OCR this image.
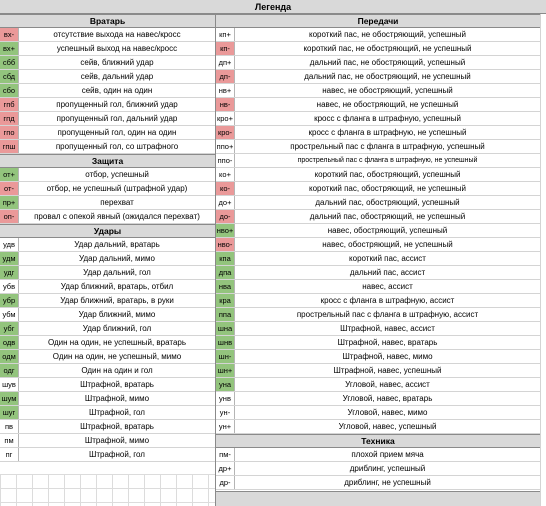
Легенда
Вратарь
вх-	отсутствие выхода на навес/кросс
вх+	успешный выход на навес/кросс
сбб	сейв, ближний удар
сбд	сейв, дальний удар
сбо	сейв, один на один
гпб	пропущенный гол, ближний удар
гпд	пропущенный гол, дальний удар
гпо	пропущенный гол, один на один
гпш	пропущенный гол, со штрафного
Защита
от+	отбор, успешный
от-	отбор, не успешный (штрафной удар)
пр+	перехват
оп-	провал с опекой явный (ожидался перехват)
Удары
удв	Удар дальний, вратарь
удм	Удар дальний, мимо
удг	Удар дальний, гол
убв	Удар ближний, вратарь, отбил
убр	Удар ближний, вратарь, в руки
убм	Удар ближний, мимо
убг	Удар ближний, гол
одв	Один на один, не успешный, вратарь
одм	Один на один, не успешный, мимо
одг	Один на один и гол
шув	Штрафной, вратарь
шум	Штрафной, мимо
шуг	Штрафной, гол
пв	Штрафной, вратарь
пм	Штрафной, мимо
пг	Штрафной, гол
Передачи
кп+	короткий пас, не обостряющий, успешный
кп-	короткий пас, не обостряющий, не успешный
дп+	дальний пас, не обостряющий, успешный
дп-	дальний пас, не обостряющий, не успешный
нв+	навес, не обостряющий, успешный
нв-	навес, не обостряющий, не успешный
кро+	кросс с фланга в штрафную, успешный
кро-	кросс с фланга в штрафную, не успешный
ппо+	прострельный пас с фланга в штрафную, успешный
ппо-	прострельный пас с фланга в штрафную, не успешный
ко+	короткий пас, обостряющий, успешный
ко-	короткий пас, обостряющий, не успешный
до+	дальний пас, обостряющий, успешный
до-	дальний пас, обостряющий, не успешный
нво+	навес, обостряющий, успешный
нво-	навес, обостряющий, не успешный
кпа	короткий пас, ассист
дпа	дальний пас, ассист
нва	навес, ассист
кра	кросс с фланга в штрафную, ассист
ппа	прострельный пас с фланга в штрафную, ассист
шна	Штрафной, навес, ассист
шнв	Штрафной, навес, вратарь
шн-	Штрафной, навес, мимо
шн+	Штрафной, навес, успешный
уна	Угловой, навес, ассист
унв	Угловой, навес, вратарь
ун-	Угловой, навес, мимо
ун+	Угловой, навес, успешный
Техника
пм-	плохой прием мяча
др+	дриблинг, успешный
др-	дриблинг, не успешный
